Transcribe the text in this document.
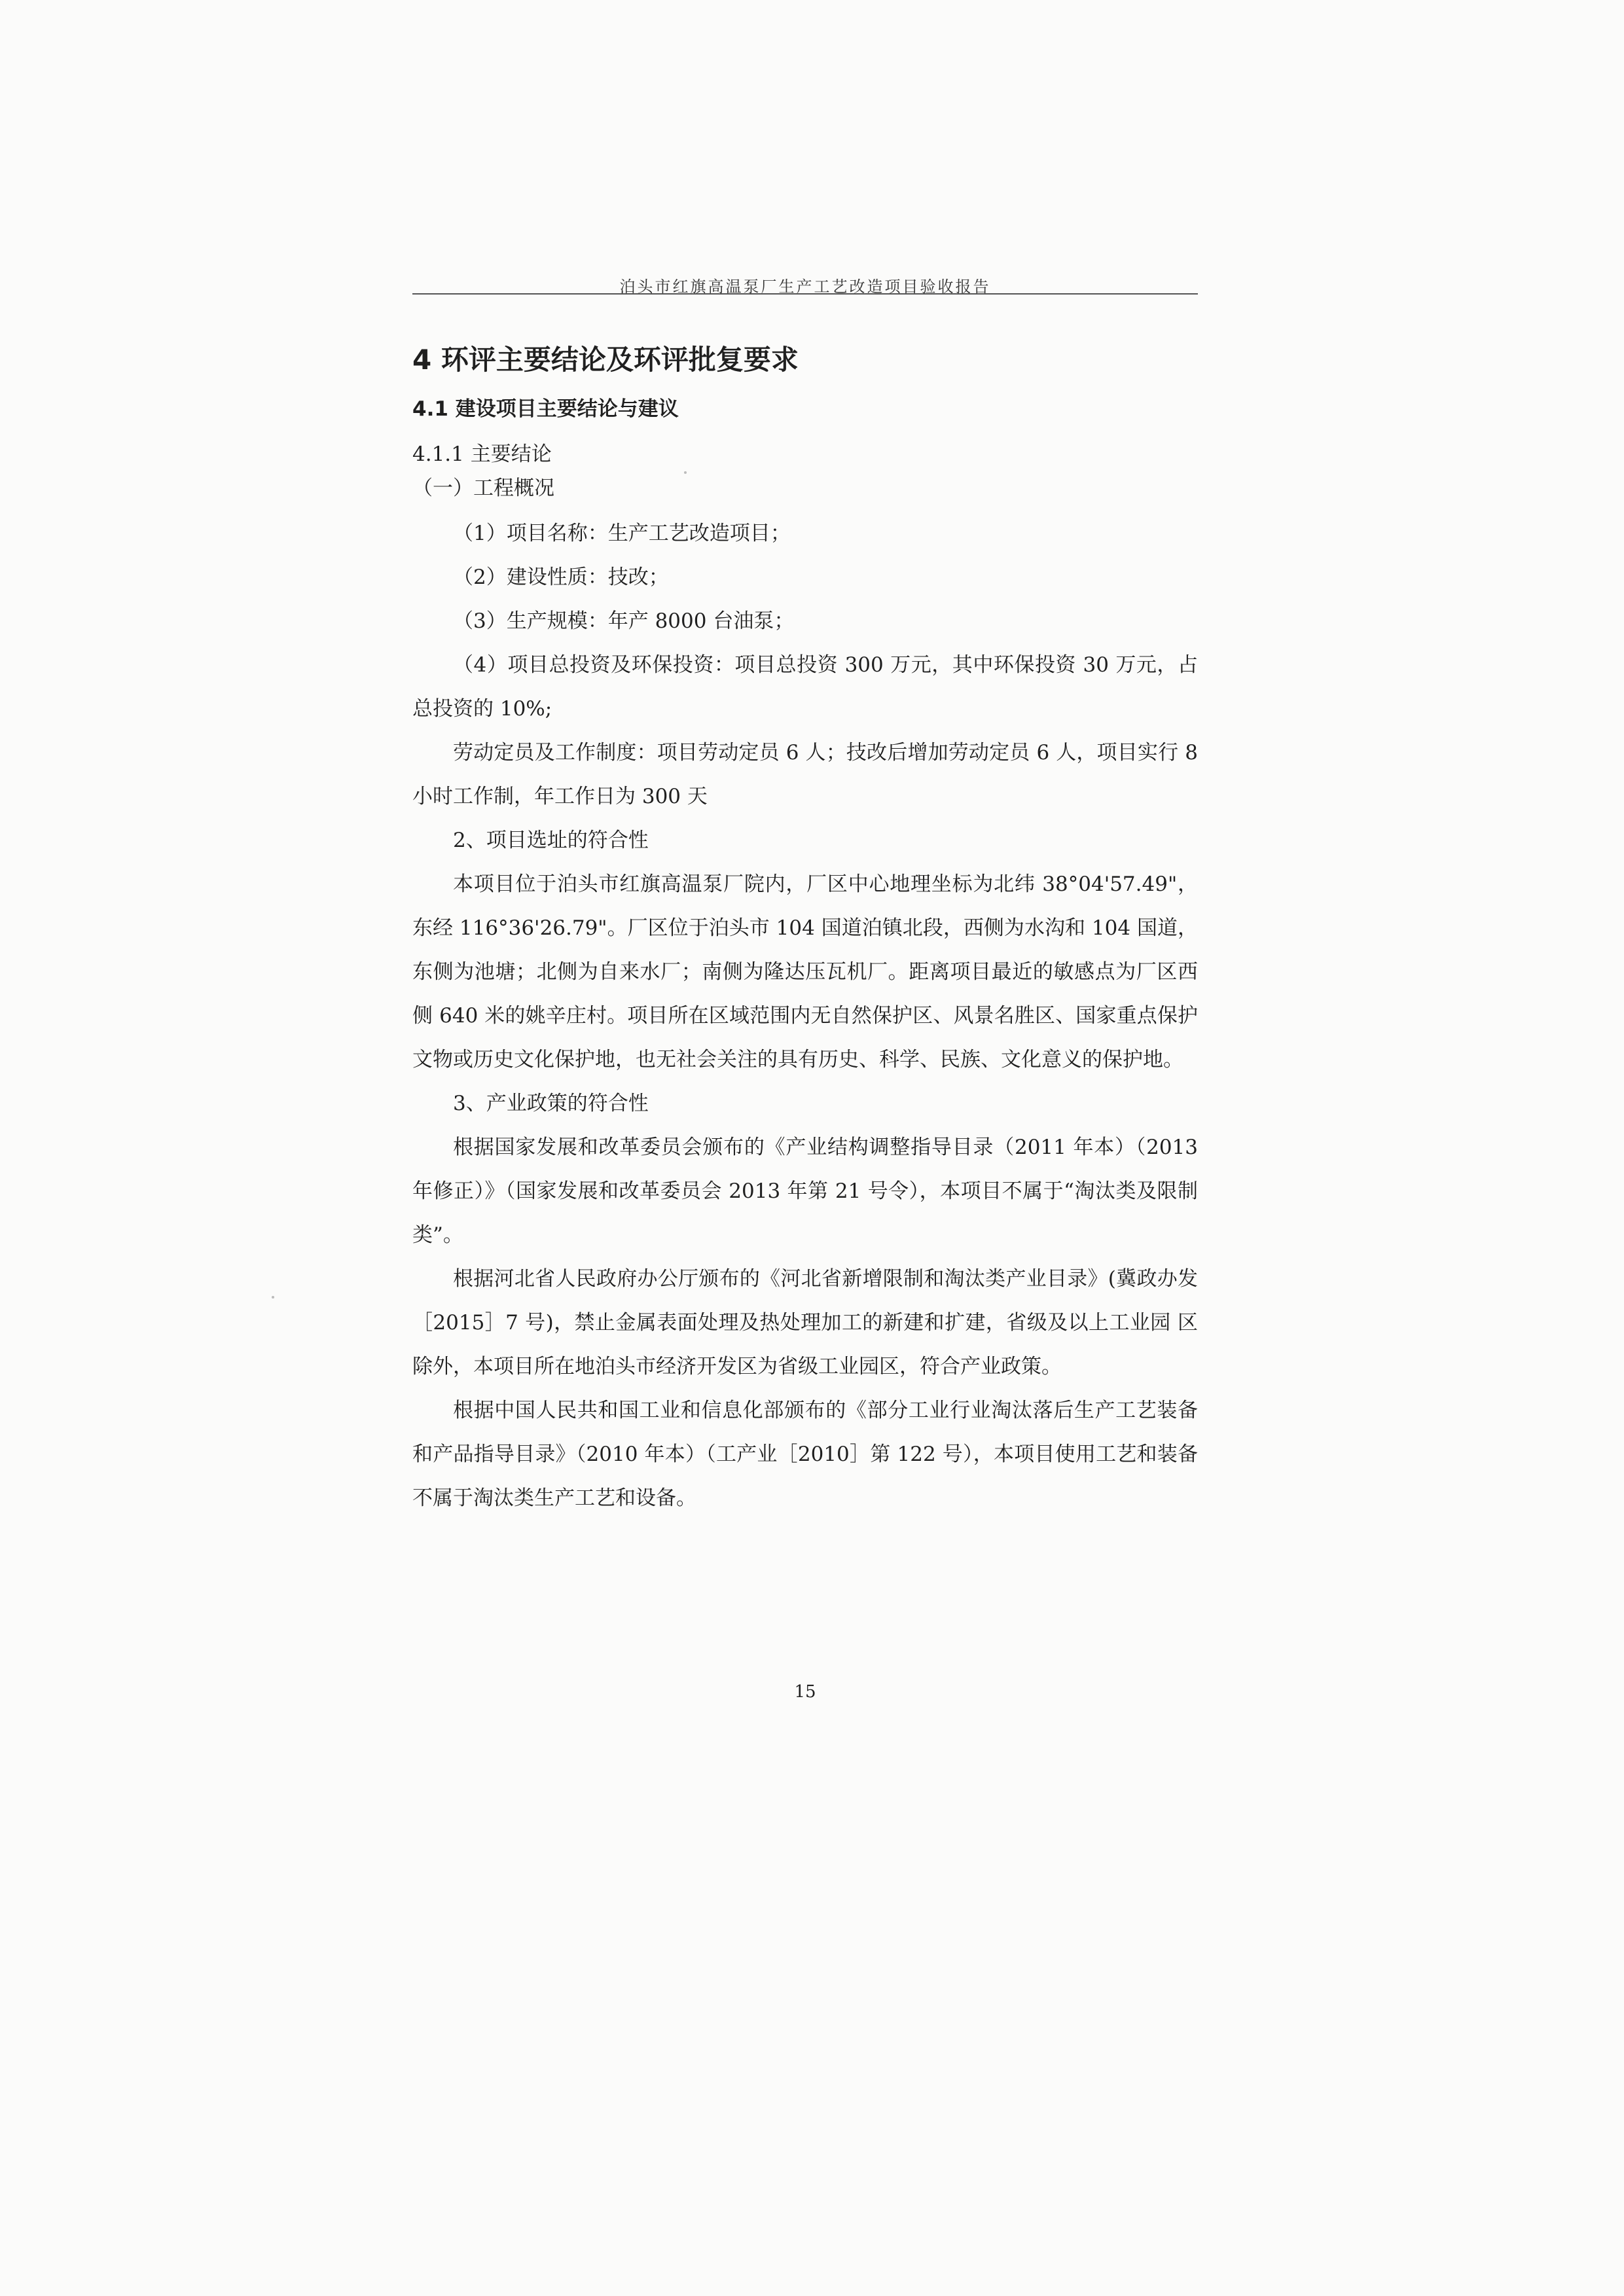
泊头市红旗高温泵厂生产工艺改造项目验收报告
4 环评主要结论及环评批复要求
4.1 建设项目主要结论与建议
4.1.1 主要结论
（一）工程概况
（1）项目名称：生产工艺改造项目；
（2）建设性质：技改；
（3）生产规模：年产 8000 台油泵；

（4）项目总投资及环保投资：项目总投资 300 万元，其中环保投资 30 万元，占总投资的 10%;

劳动定员及工作制度：项目劳动定员 6 人；技改后增加劳动定员 6 人，项目实行 8 小时工作制，年工作日为 300 天

2、项目选址的符合性

本项目位于泊头市红旗高温泵厂院内，厂区中心地理坐标为北纬 38°04'57.49"，东经 116°36'26.79"。厂区位于泊头市 104 国道泊镇北段，西侧为水沟和 104 国道，东侧为池塘；北侧为自来水厂；南侧为隆达压瓦机厂。距离项目最近的敏感点为厂区西侧 640 米的姚辛庄村。项目所在区域范围内无自然保护区、风景名胜区、国家重点保护文物或历史文化保护地，也无社会关注的具有历史、科学、民族、文化意义的保护地。

3、产业政策的符合性

根据国家发展和改革委员会颁布的《产业结构调整指导目录（2011 年本）（2013 年修正）》（国家发展和改革委员会 2013 年第 21 号令），本项目不属于“淘汰类及限制类”。

根据河北省人民政府办公厅颁布的《河北省新增限制和淘汰类产业目录》(冀政办发［2015］7 号)，禁止金属表面处理及热处理加工的新建和扩建，省级及以上工业园 区除外，本项目所在地泊头市经济开发区为省级工业园区，符合产业政策。

根据中国人民共和国工业和信息化部颁布的《部分工业行业淘汰落后生产工艺装备和产品指导目录》（2010 年本）（工产业［2010］第 122 号），本项目使用工艺和装备不属于淘汰类生产工艺和设备。

15
